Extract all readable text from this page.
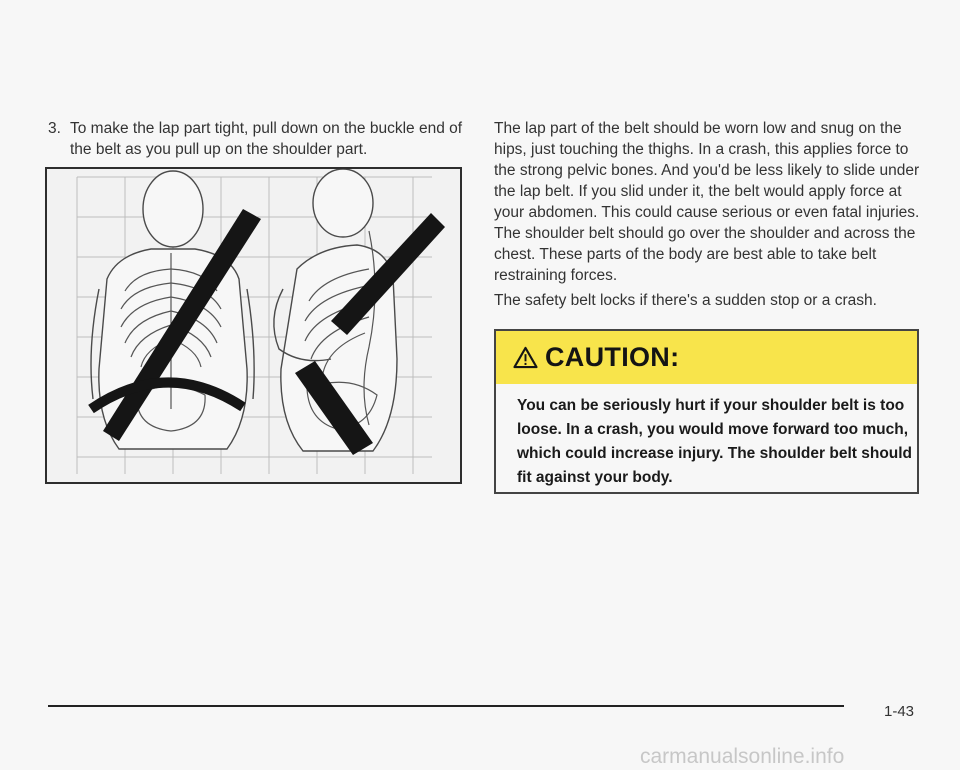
3. To make the lap part tight, pull down on the buckle end of the belt as you pull up on the shoulder part.

The lap part of the belt should be worn low and snug on the hips, just touching the thighs. In a crash, this applies force to the strong pelvic bones. And you'd be less likely to slide under the lap belt. If you slid under it, the belt would apply force at your abdomen. This could cause serious or even fatal injuries. The shoulder belt should go over the shoulder and across the chest. These parts of the body are best able to take belt restraining forces.

The safety belt locks if there's a sudden stop or a crash.

CAUTION:

You can be seriously hurt if your shoulder belt is too loose. In a crash, you would move forward too much, which could increase injury. The shoulder belt should fit against your body.

1-43
carmanualsonline.info
